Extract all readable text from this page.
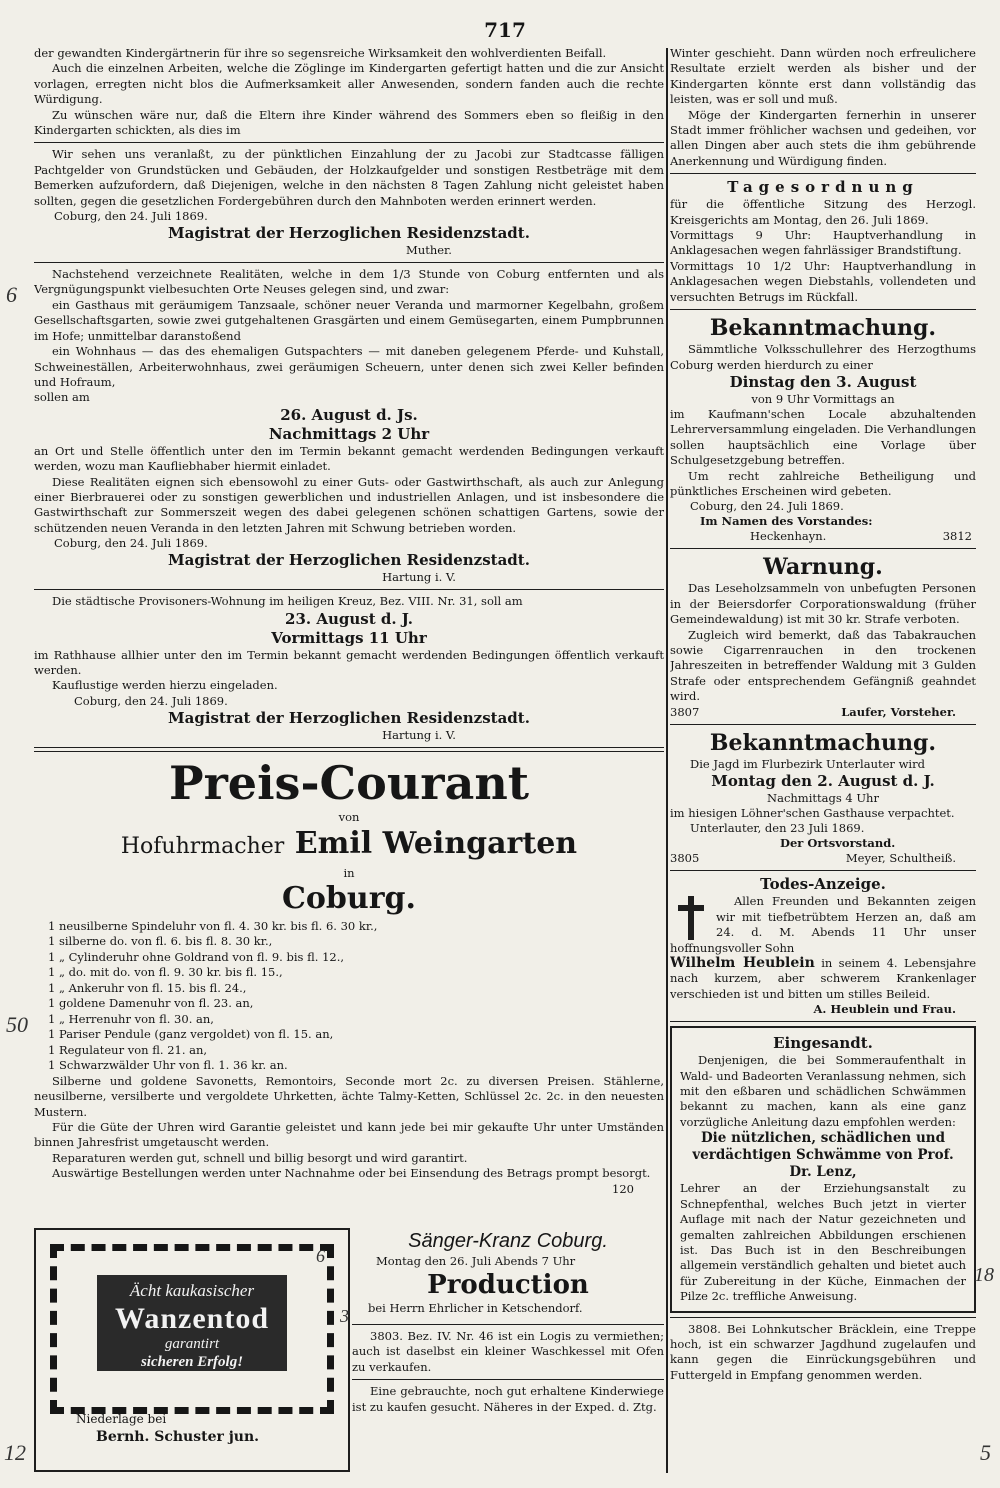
717

der gewandten Kindergärtnerin für ihre so segensreiche Wirksamkeit den wohlverdienten Beifall.

Auch die einzelnen Arbeiten, welche die Zöglinge im Kindergarten gefertigt hatten und die zur Ansicht vorlagen, erregten nicht blos die Aufmerksamkeit aller Anwesenden, sondern fanden auch die rechte Würdigung.

Zu wünschen wäre nur, daß die Eltern ihre Kinder während des Sommers eben so fleißig in den Kindergarten schickten, als dies im

Wir sehen uns veranlaßt, zu der pünktlichen Einzahlung der zu Jacobi zur Stadtcasse fälligen Pachtgelder von Grundstücken und Gebäuden, der Holzkaufgelder und sonstigen Restbeträge mit dem Bemerken aufzufordern, daß Diejenigen, welche in den nächsten 8 Tagen Zahlung nicht geleistet haben sollten, gegen die gesetzlichen Fordergebühren durch den Mahnboten werden erinnert werden.

Coburg, den 24. Juli 1869.

Magistrat der Herzoglichen Residenzstadt.

Muther.

Nachstehend verzeichnete Realitäten, welche in dem 1/3 Stunde von Coburg entfernten und als Vergnügungspunkt vielbesuchten Orte Neuses gelegen sind, und zwar:

ein Gasthaus mit geräumigem Tanzsaale, schöner neuer Veranda und marmorner Kegelbahn, großem Gesellschaftsgarten, sowie zwei gutgehaltenen Grasgärten und einem Gemüsegarten, einem Pumpbrunnen im Hofe; unmittelbar daranstoßend

ein Wohnhaus — das des ehemaligen Gutspachters — mit daneben gelegenem Pferde- und Kuhstall, Schweineställen, Arbeiterwohnhaus, zwei geräumigen Scheuern, unter denen sich zwei Keller befinden und Hofraum,

sollen am

26. August d. Js.

Nachmittags 2 Uhr

an Ort und Stelle öffentlich unter den im Termin bekannt gemacht werdenden Bedingungen verkauft werden, wozu man Kaufliebhaber hiermit einladet.

Diese Realitäten eignen sich ebensowohl zu einer Guts- oder Gastwirthschaft, als auch zur Anlegung einer Bierbrauerei oder zu sonstigen gewerblichen und industriellen Anlagen, und ist insbesondere die Gastwirthschaft zur Sommerszeit wegen des dabei gelegenen schönen schattigen Gartens, sowie der schützenden neuen Veranda in den letzten Jahren mit Schwung betrieben worden.

Coburg, den 24. Juli 1869.

Magistrat der Herzoglichen Residenzstadt.

Hartung i. V.

Die städtische Provisoners-Wohnung im heiligen Kreuz, Bez. VIII. Nr. 31, soll am

23. August d. J.

Vormittags 11 Uhr

im Rathhause allhier unter den im Termin bekannt gemacht werdenden Bedingungen öffentlich verkauft werden.

Kauflustige werden hierzu eingeladen.

Coburg, den 24. Juli 1869.

Magistrat der Herzoglichen Residenzstadt.

Hartung i. V.

Preis-Courant

von

Hofuhrmacher Emil Weingarten

in

Coburg.

1 neusilberne Spindeluhr von fl. 4. 30 kr. bis fl. 6. 30 kr.,

1 silberne do. von fl. 6. bis fl. 8. 30 kr.,

1 „ Cylinderuhr ohne Goldrand von fl. 9. bis fl. 12.,

1 „ do. mit do. von fl. 9. 30 kr. bis fl. 15.,

1 „ Ankeruhr von fl. 15. bis fl. 24.,

1 goldene Damenuhr von fl. 23. an,

1 „ Herrenuhr von fl. 30. an,

1 Pariser Pendule (ganz vergoldet) von fl. 15. an,

1 Regulateur von fl. 21. an,

1 Schwarzwälder Uhr von fl. 1. 36 kr. an.

Silberne und goldene Savonetts, Remontoirs, Seconde mort 2c. zu diversen Preisen. Stählerne, neusilberne, versilberte und vergoldete Uhrketten, ächte Talmy-Ketten, Schlüssel 2c. 2c. in den neuesten Mustern.

Für die Güte der Uhren wird Garantie geleistet und kann jede bei mir gekaufte Uhr unter Umständen binnen Jahresfrist umgetauscht werden.

Reparaturen werden gut, schnell und billig besorgt und wird garantirt.

Auswärtige Bestellungen werden unter Nachnahme oder bei Einsendung des Betrags prompt besorgt.
120

Ächt kaukasischer
Wanzentod
garantirt
sicheren Erfolg!
Niederlage bei
Bernh. Schuster jun.

Sänger-Kranz Coburg.

Montag den 26. Juli Abends 7 Uhr

Production

bei Herrn Ehrlicher in Ketschendorf.

3803. Bez. IV. Nr. 46 ist ein Logis zu vermiethen; auch ist daselbst ein kleiner Waschkessel mit Ofen zu verkaufen.

Eine gebrauchte, noch gut erhaltene Kinderwiege ist zu kaufen gesucht. Näheres in der Exped. d. Ztg.

Winter geschieht. Dann würden noch erfreulichere Resultate erzielt werden als bisher und der Kindergarten könnte erst dann vollständig das leisten, was er soll und muß.

Möge der Kindergarten fernerhin in unserer Stadt immer fröhlicher wachsen und gedeihen, vor allen Dingen aber auch stets die ihm gebührende Anerkennung und Würdigung finden.

Tagesordnung

für die öffentliche Sitzung des Herzogl. Kreisgerichts am Montag, den 26. Juli 1869.

Vormittags 9 Uhr: Hauptverhandlung in Anklagesachen wegen fahrlässiger Brandstiftung.

Vormittags 10 1/2 Uhr: Hauptverhandlung in Anklagesachen wegen Diebstahls, vollendeten und versuchten Betrugs im Rückfall.

Bekanntmachung.

Sämmtliche Volksschullehrer des Herzogthums Coburg werden hierdurch zu einer

Dinstag den 3. August

von 9 Uhr Vormittags an

im Kaufmann'schen Locale abzuhaltenden Lehrerversammlung eingeladen. Die Verhandlungen sollen hauptsächlich eine Vorlage über Schulgesetzgebung betreffen.

Um recht zahlreiche Betheiligung und pünktliches Erscheinen wird gebeten.

Coburg, den 24. Juli 1869.

Im Namen des Vorstandes:

Heckenhayn.	3812

Warnung.

Das Leseholzsammeln von unbefugten Personen in der Beiersdorfer Corporationswaldung (früher Gemeindewaldung) ist mit 30 kr. Strafe verboten.

Zugleich wird bemerkt, daß das Tabakrauchen sowie Cigarrenrauchen in den trockenen Jahreszeiten in betreffender Waldung mit 3 Gulden Strafe oder entsprechendem Gefängniß geahndet wird.

3807	Laufer, Vorsteher.

Bekanntmachung.

Die Jagd im Flurbezirk Unterlauter wird

Montag den 2. August d. J.

Nachmittags 4 Uhr

im hiesigen Löhner'schen Gasthause verpachtet.

Unterlauter, den 23 Juli 1869.

Der Ortsvorstand.

3805	Meyer, Schultheiß.

Todes-Anzeige.

Allen Freunden und Bekannten zeigen wir mit tiefbetrübtem Herzen an, daß am 24. d. M. Abends 11 Uhr unser hoffnungsvoller Sohn

Wilhelm Heublein in seinem 4. Lebensjahre nach kurzem, aber schwerem Krankenlager verschieden ist und bitten um stilles Beileid.

A. Heublein und Frau.

Eingesandt.

Denjenigen, die bei Sommeraufenthalt in Wald- und Badeorten Veranlassung nehmen, sich mit den eßbaren und schädlichen Schwämmen bekannt zu machen, kann als eine ganz vorzügliche Anleitung dazu empfohlen werden:

Die nützlichen, schädlichen und verdächtigen Schwämme von Prof. Dr. Lenz,

Lehrer an der Erziehungsanstalt zu Schnepfenthal, welches Buch jetzt in vierter Auflage mit nach der Natur gezeichneten und gemalten zahlreichen Abbildungen erschienen ist. Das Buch ist in den Beschreibungen allgemein verständlich gehalten und bietet auch für Zubereitung in der Küche, Einmachen der Pilze 2c. treffliche Anweisung.

3808. Bei Lohnkutscher Bräcklein, eine Treppe hoch, ist ein schwarzer Jagdhund zugelaufen und kann gegen die Einrückungsgebühren und Futtergeld in Empfang genommen werden.

6
50
12
6
3
18
5
